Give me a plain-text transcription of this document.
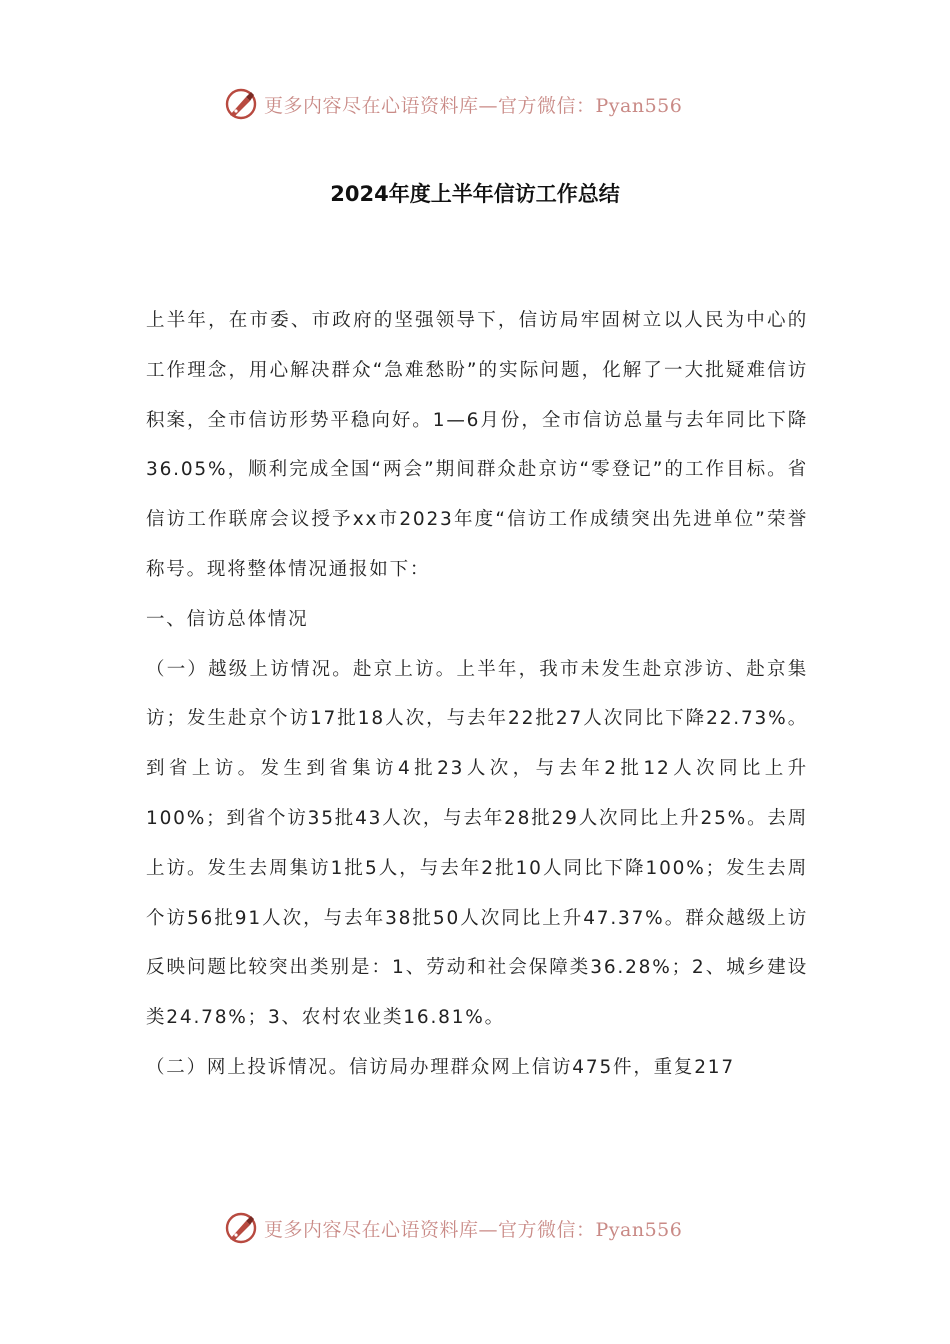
更多内容尽在心语资料库—官方微信：Pyan556
2024年度上半年信访工作总结

上半年，在市委、市政府的坚强领导下，信访局牢固树立以人民为中心的工作理念，用心解决群众“急难愁盼”的实际问题，化解了一大批疑难信访积案，全市信访形势平稳向好。1—6月份，全市信访总量与去年同比下降36.05%，顺利完成全国“两会”期间群众赴京访“零登记”的工作目标。省信访工作联席会议授予xx市2023年度“信访工作成绩突出先进单位”荣誉称号。现将整体情况通报如下：

一、信访总体情况

（一）越级上访情况。赴京上访。上半年，我市未发生赴京涉访、赴京集访；发生赴京个访17批18人次，与去年22批27人次同比下降22.73%。到省上访。发生到省集访4批23人次，与去年2批12人次同比上升100%；到省个访35批43人次，与去年28批29人次同比上升25%。去周上访。发生去周集访1批5人，与去年2批10人同比下降100%；发生去周个访56批91人次，与去年38批50人次同比上升47.37%。群众越级上访反映问题比较突出类别是：1、劳动和社会保障类36.28%；2、城乡建设类24.78%；3、农村农业类16.81%。

（二）网上投诉情况。信访局办理群众网上信访475件，重复217

更多内容尽在心语资料库—官方微信：Pyan556
